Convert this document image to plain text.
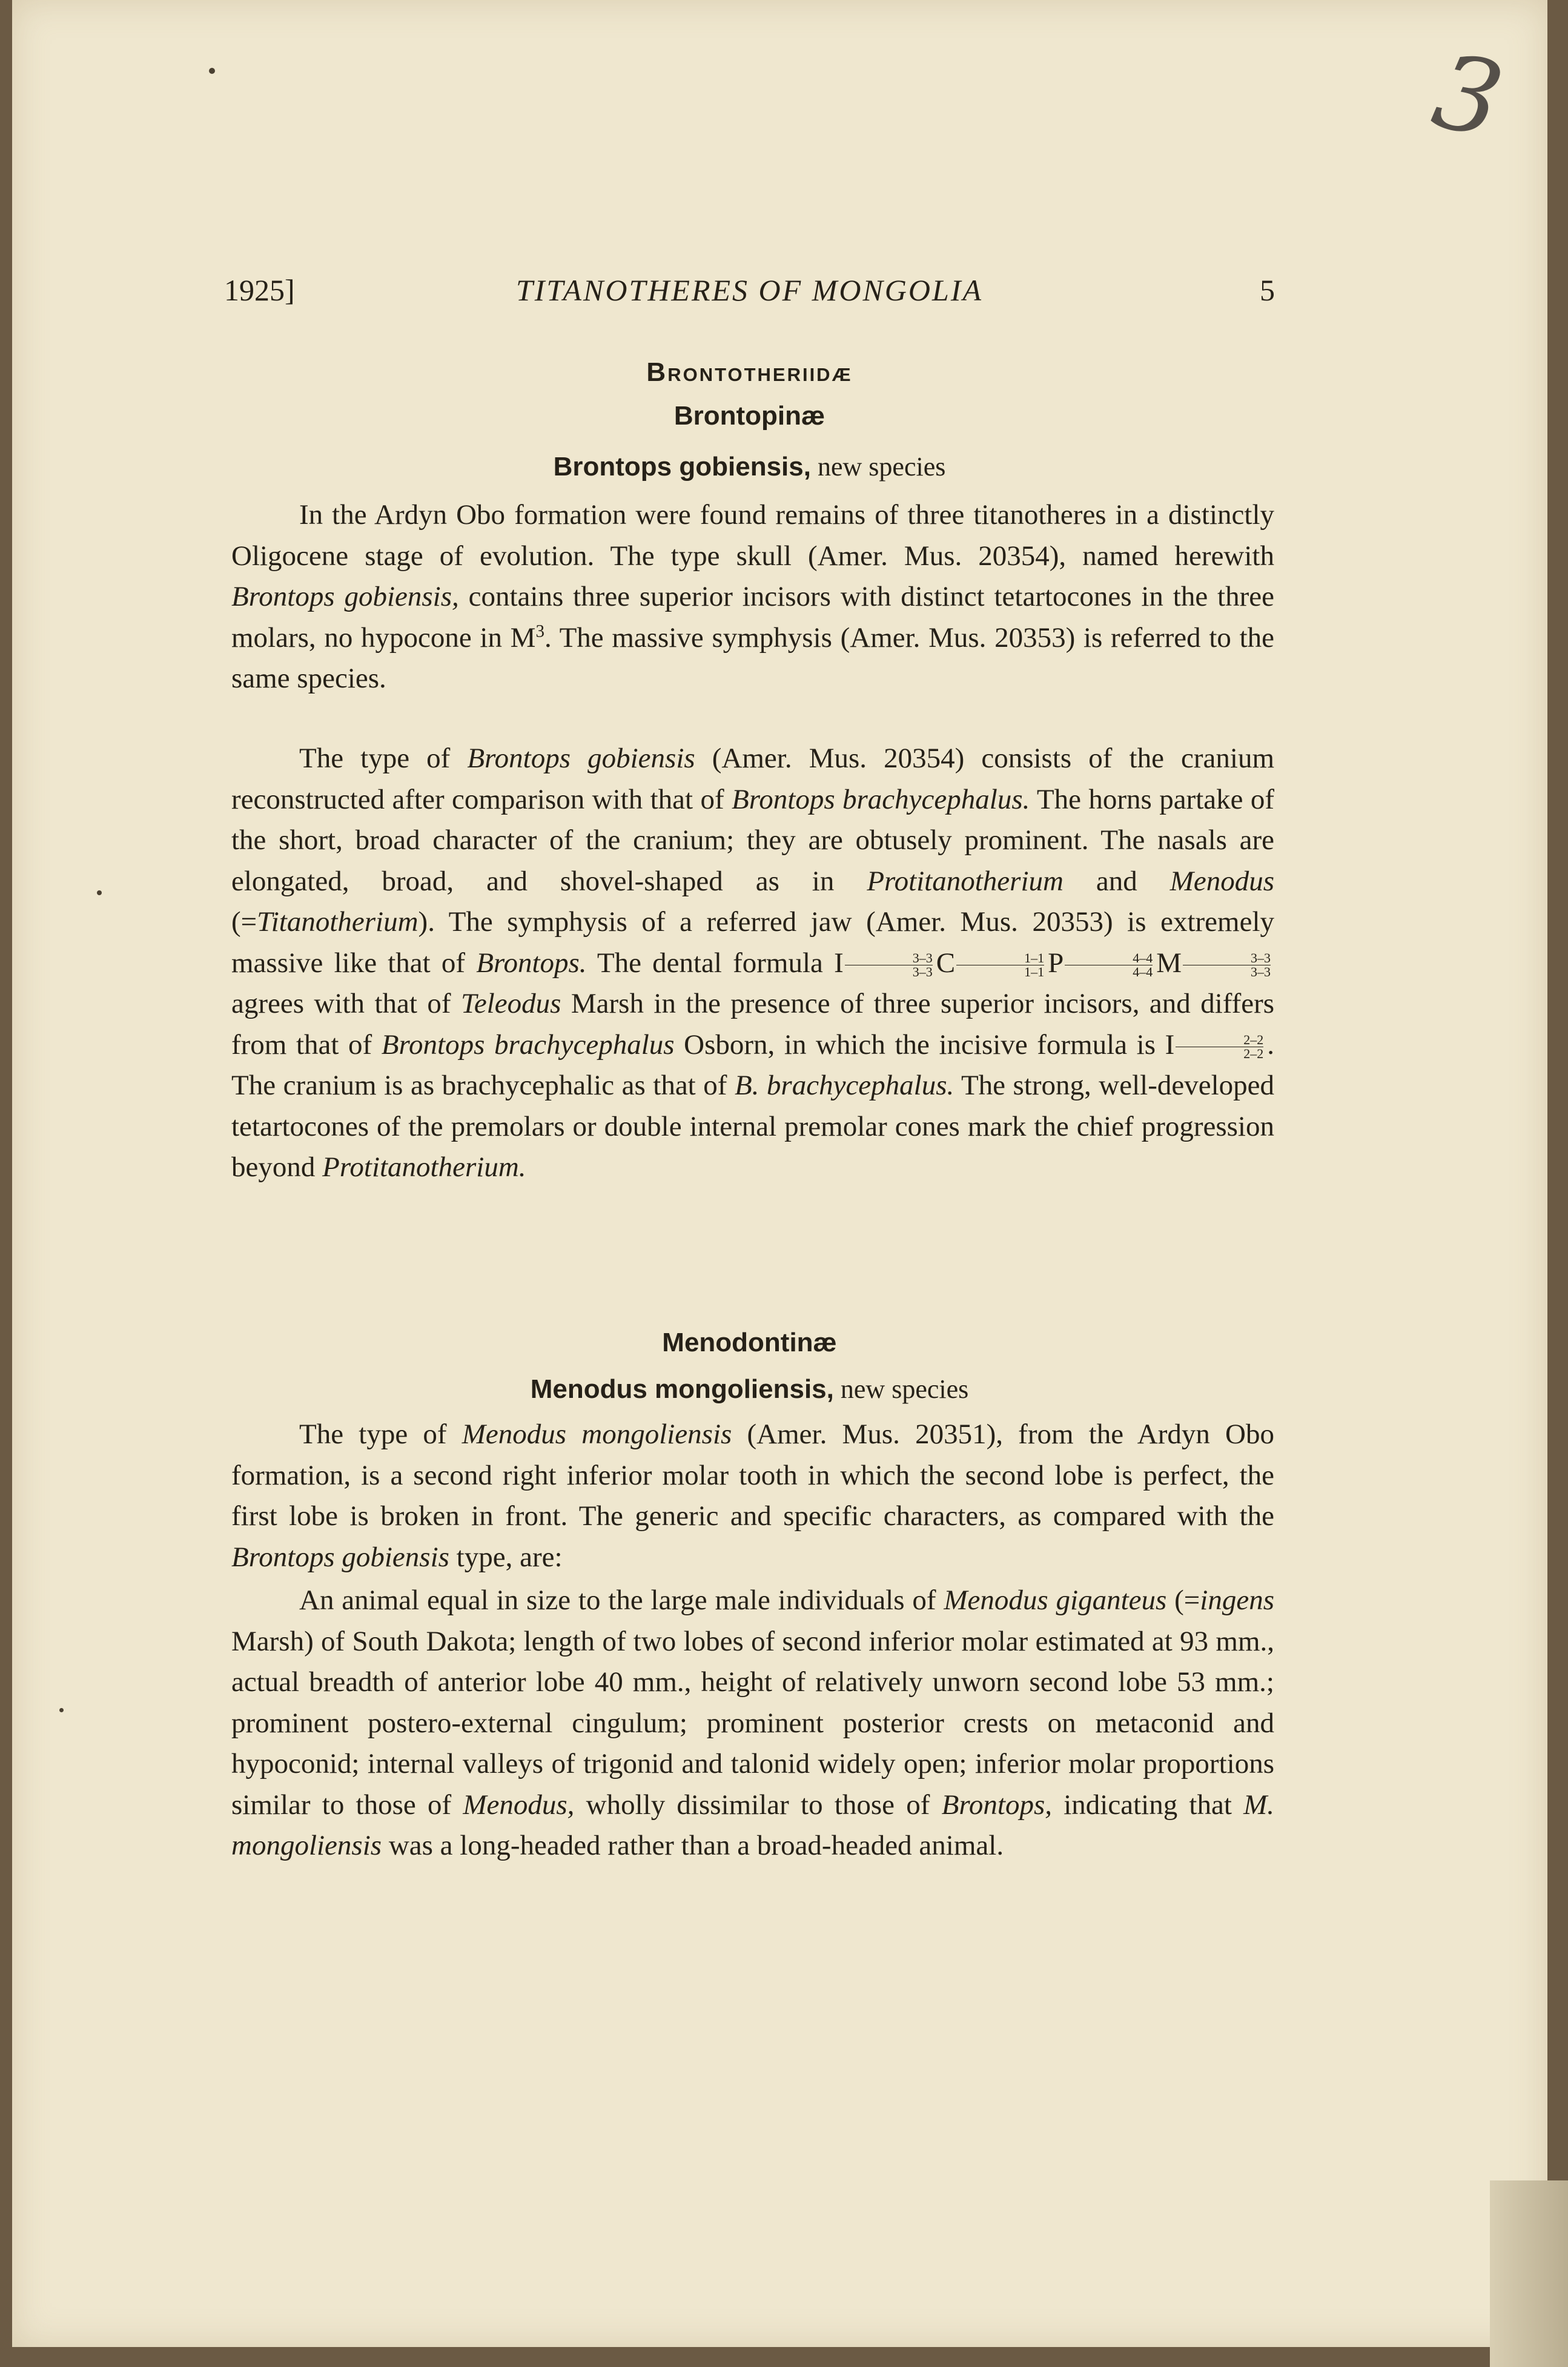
3
1925]	TITANOTHERES OF MONGOLIA	5
Brontotheriidæ
Brontopinæ
Brontops gobiensis, new species

In the Ardyn Obo formation were found remains of three titanotheres in a distinctly Oligocene stage of evolution. The type skull (Amer. Mus. 20354), named herewith Brontops gobiensis, contains three superior incisors with distinct tetartocones in the three molars, no hypocone in $M^3$. The massive symphysis (Amer. Mus. 20353) is referred to the same species.

The type of Brontops gobiensis (Amer. Mus. 20354) consists of the cranium reconstructed after comparison with that of Brontops brachycephalus. The horns partake of the short, broad character of the cranium; they are obtusely prominent. The nasals are elongated, broad, and shovel-shaped as in Protitanotherium and Menodus (=Titanotherium). The symphysis of a referred jaw (Amer. Mus. 20353) is extremely massive like that of Brontops. The dental formula I $\frac{3-3}{3-3}$ C $\frac{1-1}{1-1}$ P $\frac{4-4}{4-4}$ M $\frac{3-3}{3-3}$
agrees with that of Teleodus Marsh in the presence of three superior incisors, and differs from that of Brontops brachycephalus Osborn, in which the incisive formula is I $\frac{2-2}{2-2}$ . The cranium is as brachycephalic as that of B. brachycephalus. The strong, well-developed tetartocones of the premolars or double internal premolar cones mark the chief progression beyond Protitanotherium.

Menodontinæ
Menodus mongoliensis, new species

The type of Menodus mongoliensis (Amer. Mus. 20351), from the Ardyn Obo formation, is a second right inferior molar tooth in which the second lobe is perfect, the first lobe is broken in front. The generic and specific characters, as compared with the Brontops gobiensis type, are:

An animal equal in size to the large male individuals of Menodus giganteus (=ingens Marsh) of South Dakota; length of two lobes of second inferior molar estimated at 93 mm., actual breadth of anterior lobe 40 mm., height of relatively unworn second lobe 53 mm.; prominent postero-external cingulum; prominent posterior crests on metaconid and hypoconid; internal valleys of trigonid and talonid widely open; inferior molar proportions similar to those of Menodus, wholly dissimilar to those of Brontops, indicating that M. mongoliensis was a long-headed rather than a broad-headed animal.
